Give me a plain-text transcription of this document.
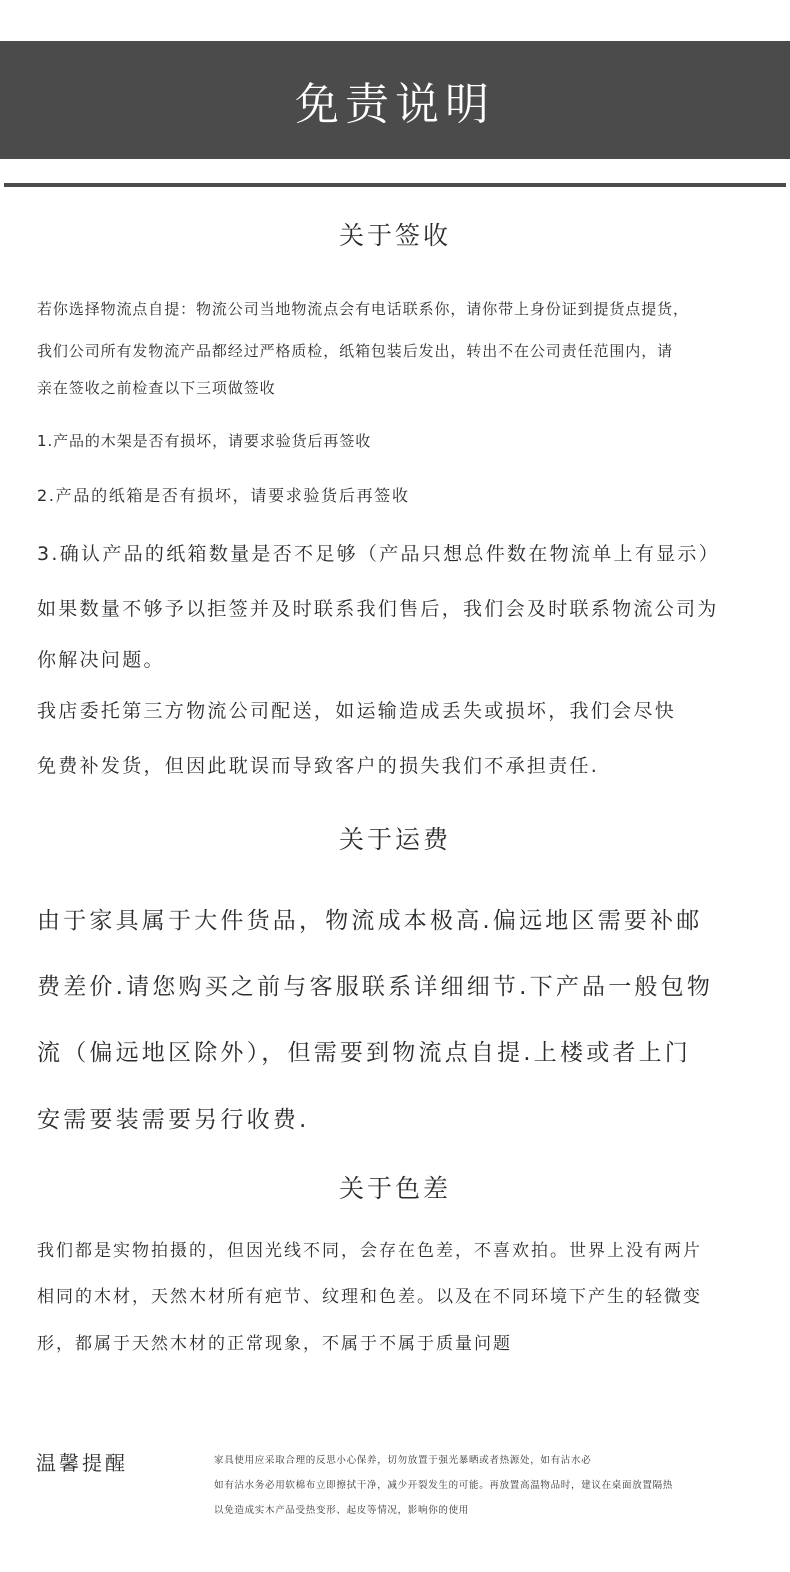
免责说明
关于签收
若你选择物流点自提：物流公司当地物流点会有电话联系你，请你带上身份证到提货点提货，
我们公司所有发物流产品都经过严格质检，纸箱包装后发出，转出不在公司责任范围内，请
亲在签收之前检查以下三项做签收
1.产品的木架是否有损坏，请要求验货后再签收
2.产品的纸箱是否有损坏，请要求验货后再签收
3.确认产品的纸箱数量是否不足够（产品只想总件数在物流单上有显示）
如果数量不够予以拒签并及时联系我们售后，我们会及时联系物流公司为
你解决问题。
我店委托第三方物流公司配送，如运输造成丢失或损坏，我们会尽快
免费补发货，但因此耽误而导致客户的损失我们不承担责任.
关于运费
由于家具属于大件货品，物流成本极高.偏远地区需要补邮
费差价.请您购买之前与客服联系详细细节.下产品一般包物
流（偏远地区除外），但需要到物流点自提.上楼或者上门
安需要装需要另行收费.
关于色差
我们都是实物拍摄的，但因光线不同，会存在色差，不喜欢拍。世界上没有两片
相同的木材，天然木材所有疤节、纹理和色差。以及在不同环境下产生的轻微变
形，都属于天然木材的正常现象，不属于不属于质量问题
温馨提醒	家具使用应采取合理的反思小心保养，切勿放置于强光暴晒或者热源处，如有沾水必
如有沾水务必用软棉布立即擦拭干净，减少开裂发生的可能。再放置高温物品时，建议在桌面放置隔热
以免造成实木产品受热变形、起皮等情况，影响你的使用
